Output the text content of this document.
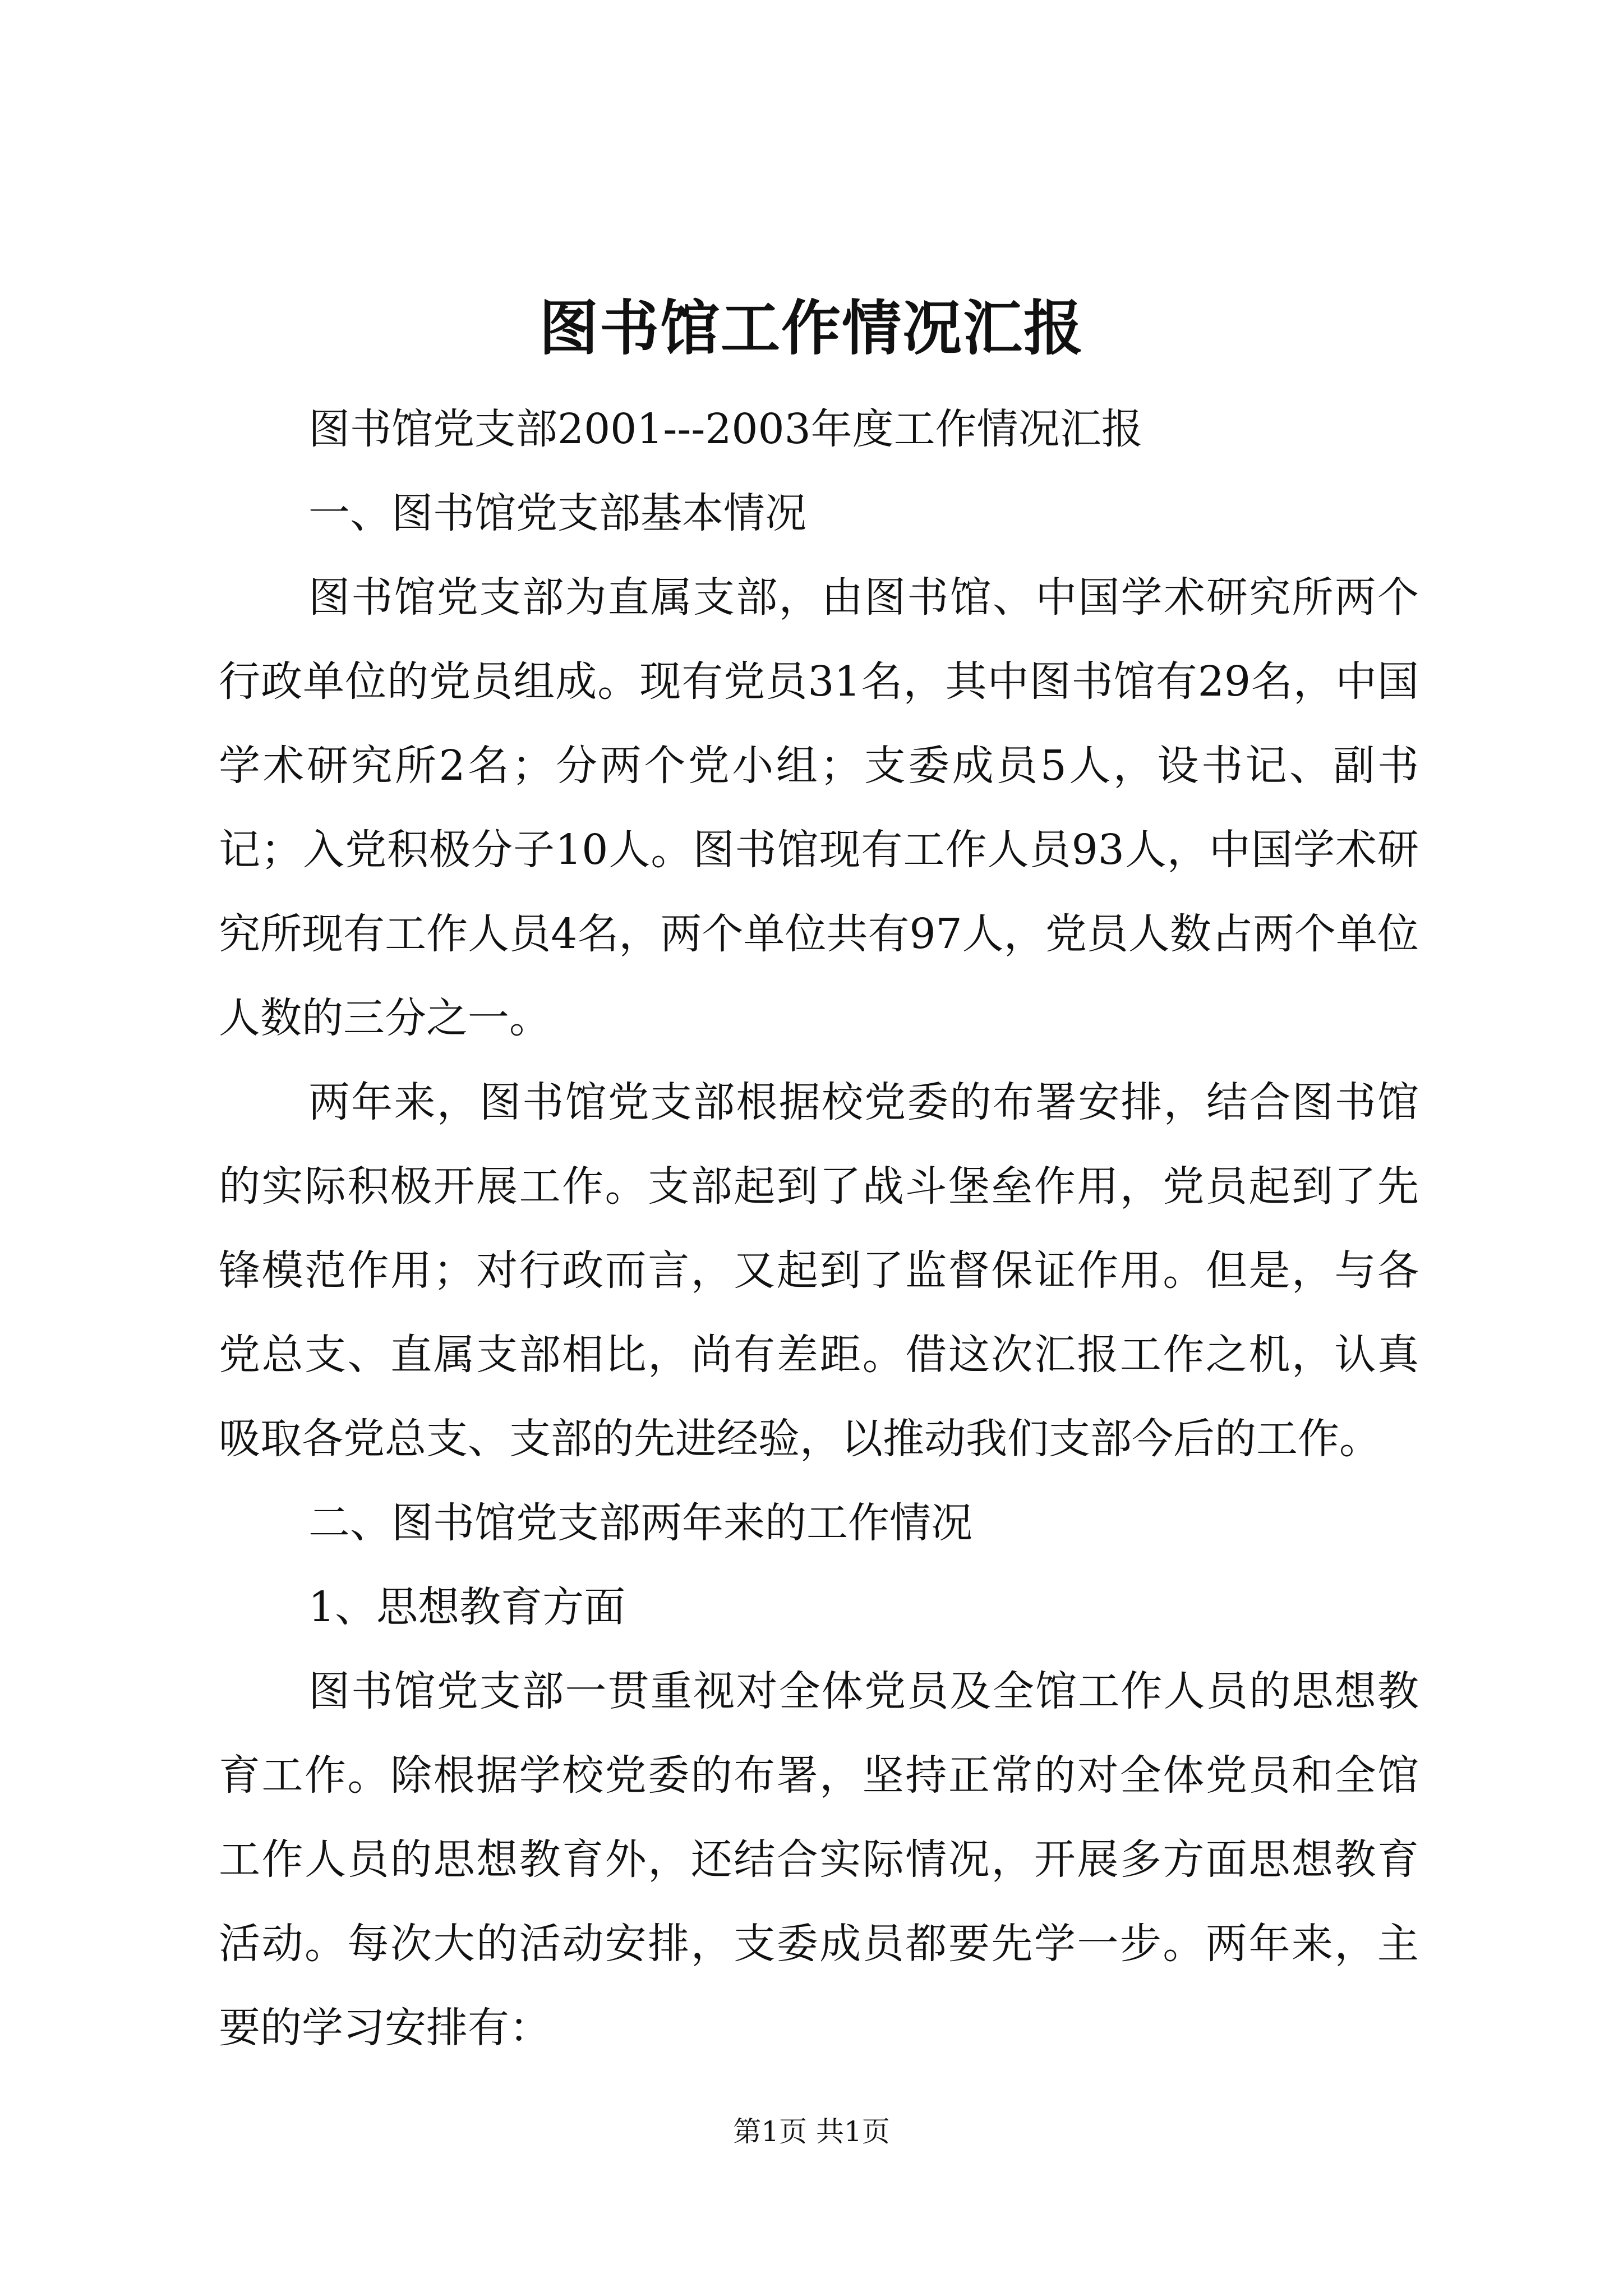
图书馆工作情况汇报

图书馆党支部2001---2003年度工作情况汇报

一、图书馆党支部基本情况

图书馆党支部为直属支部，由图书馆、中国学术研究所两个行政单位的党员组成。现有党员31名，其中图书馆有29名，中国学术研究所2名；分两个党小组；支委成员5人，设书记、副书记；入党积极分子10人。图书馆现有工作人员93人，中国学术研究所现有工作人员4名，两个单位共有97人，党员人数占两个单位人数的三分之一。

两年来，图书馆党支部根据校党委的布署安排，结合图书馆的实际积极开展工作。支部起到了战斗堡垒作用，党员起到了先锋模范作用；对行政而言，又起到了监督保证作用。但是，与各党总支、直属支部相比，尚有差距。借这次汇报工作之机，认真吸取各党总支、支部的先进经验，以推动我们支部今后的工作。

二、图书馆党支部两年来的工作情况

1、思想教育方面

图书馆党支部一贯重视对全体党员及全馆工作人员的思想教育工作。除根据学校党委的布署，坚持正常的对全体党员和全馆工作人员的思想教育外，还结合实际情况，开展多方面思想教育活动。每次大的活动安排，支委成员都要先学一步。两年来，主要的学习安排有：

第1页 共1页
